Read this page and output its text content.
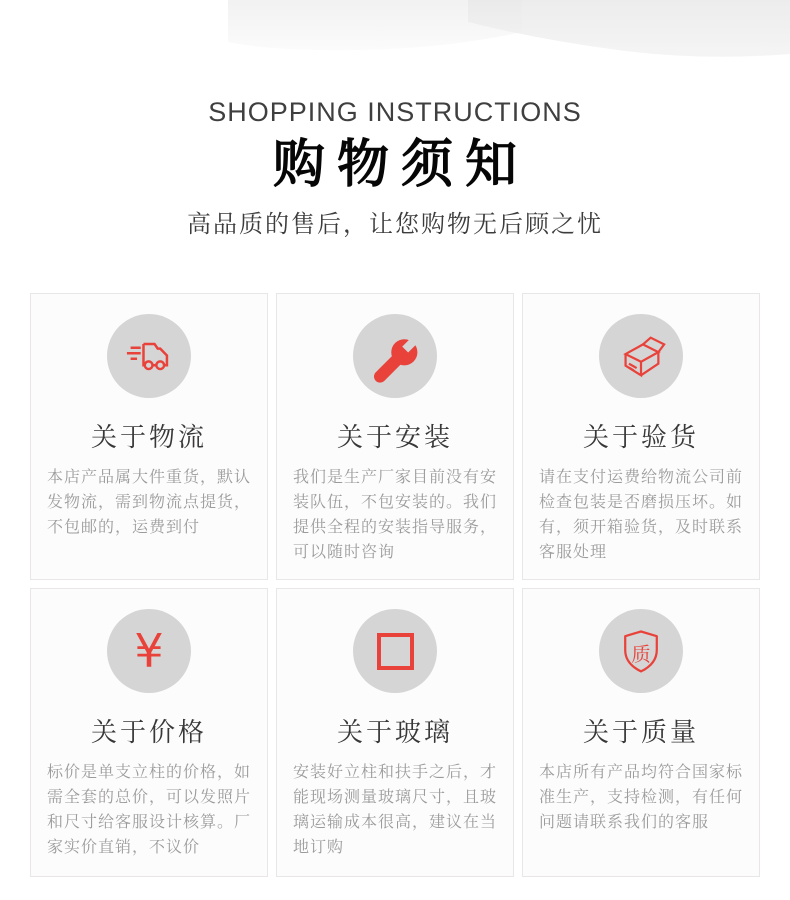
SHOPPING INSTRUCTIONS
购物须知
高品质的售后，让您购物无后顾之忧
关于物流
本店产品属大件重货，默认发物流，需到物流点提货，不包邮的，运费到付
关于安装
我们是生产厂家目前没有安装队伍，不包安装的。我们提供全程的安装指导服务，可以随时咨询
关于验货
请在支付运费给物流公司前检查包装是否磨损压坏。如有，须开箱验货，及时联系客服处理
¥
关于价格
标价是单支立柱的价格，如需全套的总价，可以发照片和尺寸给客服设计核算。厂家实价直销，不议价
关于玻璃
安装好立柱和扶手之后，才能现场测量玻璃尺寸，且玻璃运输成本很高，建议在当地订购
质
关于质量
本店所有产品均符合国家标准生产，支持检测，有任何问题请联系我们的客服
